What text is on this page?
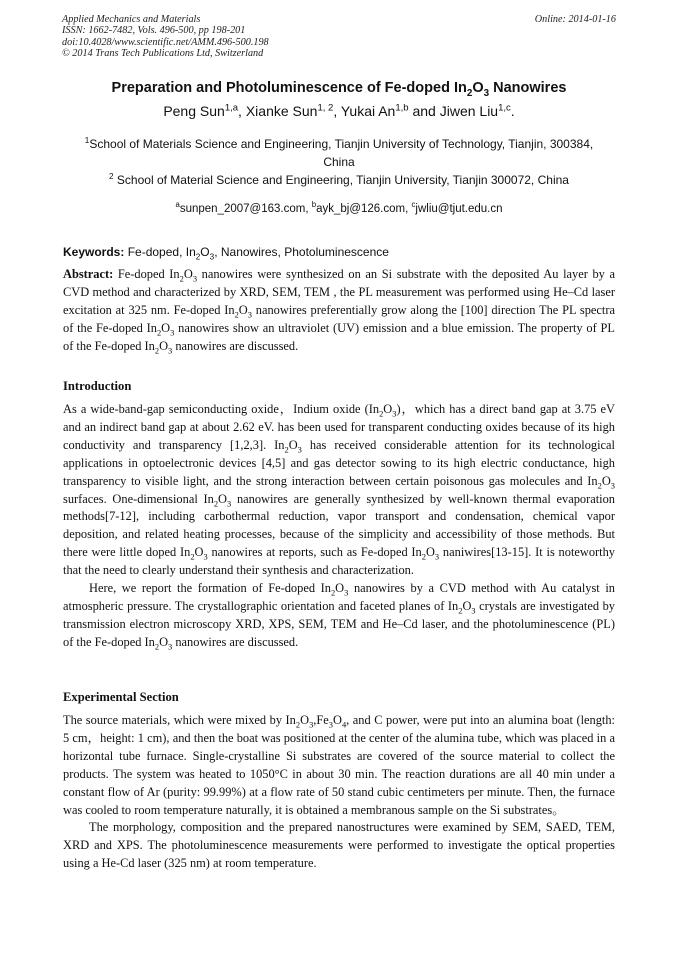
Applied Mechanics and Materials
ISSN: 1662-7482, Vols. 496-500, pp 198-201
doi:10.4028/www.scientific.net/AMM.496-500.198
© 2014 Trans Tech Publications Ltd, Switzerland
Online: 2014-01-16
Preparation and Photoluminescence of Fe-doped $In_2O_3$ Nanowires
Peng Sun$^{1,a}$, Xianke Sun$^{1, 2}$, Yukai An$^{1,b}$ and Jiwen Liu$^{1,c}$.
$^1$School of Materials Science and Engineering, Tianjin University of Technology, Tianjin, 300384,
China
$^2$ School of Material Science and Engineering, Tianjin University, Tianjin 300072, China
$^a$sunpen_2007@163.com, $^b$ayk_bj@126.com, $^c$jwliu@tjut.edu.cn
Keywords: Fe-doped, $In_2O_3$, Nanowires, Photoluminescence

Abstract: Fe-doped $In_2O_3$ nanowires were synthesized on an Si substrate with the deposited Au layer by a CVD method and characterized by XRD, SEM, TEM , the PL measurement was performed using He–Cd laser excitation at 325 nm. Fe-doped $In_2O_3$ nanowires preferentially grow along the [100] direction The PL spectra of the Fe-doped $In_2O_3$ nanowires show an ultraviolet (UV) emission and a blue emission. The property of PL of the Fe-doped $In_2O_3$ nanowires are discussed.

Introduction

As a wide-band-gap semiconducting oxide，Indium oxide $(In_2O_3)$，which has a direct band gap at 3.75 eV and an indirect band gap at about 2.62 eV. has been used for transparent conducting oxides because of its high conductivity and transparency [1,2,3]. $In_2O_3$ has received considerable attention for its technological applications in optoelectronic devices [4,5] and gas detector sowing to its high electric conductance, high transparency to visible light, and the strong interaction between certain poisonous gas molecules and $In_2O_3$ surfaces. One-dimensional $In_2O_3$ nanowires are generally synthesized by well-known thermal evaporation methods[7-12], including carbothermal reduction, vapor transport and condensation, chemical vapor deposition, and related heating processes, because of the simplicity and accessibility of those methods. But there were little doped $In_2O_3$ nanowires at reports, such as Fe-doped $In_2O_3$ naniwires[13-15]. It is noteworthy that the need to clearly understand their synthesis and characterization.

Here, we report the formation of Fe-doped $In_2O_3$ nanowires by a CVD method with Au catalyst in atmospheric pressure. The crystallographic orientation and faceted planes of $In_2O_3$ crystals are investigated by transmission electron microscopy XRD, XPS, SEM, TEM and He–Cd laser, and the photoluminescence (PL) of the Fe-doped $In_2O_3$ nanowires are discussed.

Experimental Section

The source materials, which were mixed by $In_2O_3,Fe_3O_4$, and C power, were put into an alumina boat (length: 5 cm，height: 1 cm), and then the boat was positioned at the center of the alumina tube, which was placed in a horizontal tube furnace. Single-crystalline Si substrates are covered of the source material to collect the products. The system was heated to 1050°C in about 30 min. The reaction durations are all 40 min under a constant flow of Ar (purity: 99.99%) at a flow rate of 50 stand cubic centimeters per minute. Then, the furnace was cooled to room temperature naturally, it is obtained a membranous sample on the Si substrates。

The morphology, composition and the prepared nanostructures were examined by SEM, SAED, TEM, XRD and XPS. The photoluminescence measurements were performed to investigate the optical properties using a He-Cd laser (325 nm) at room temperature.
